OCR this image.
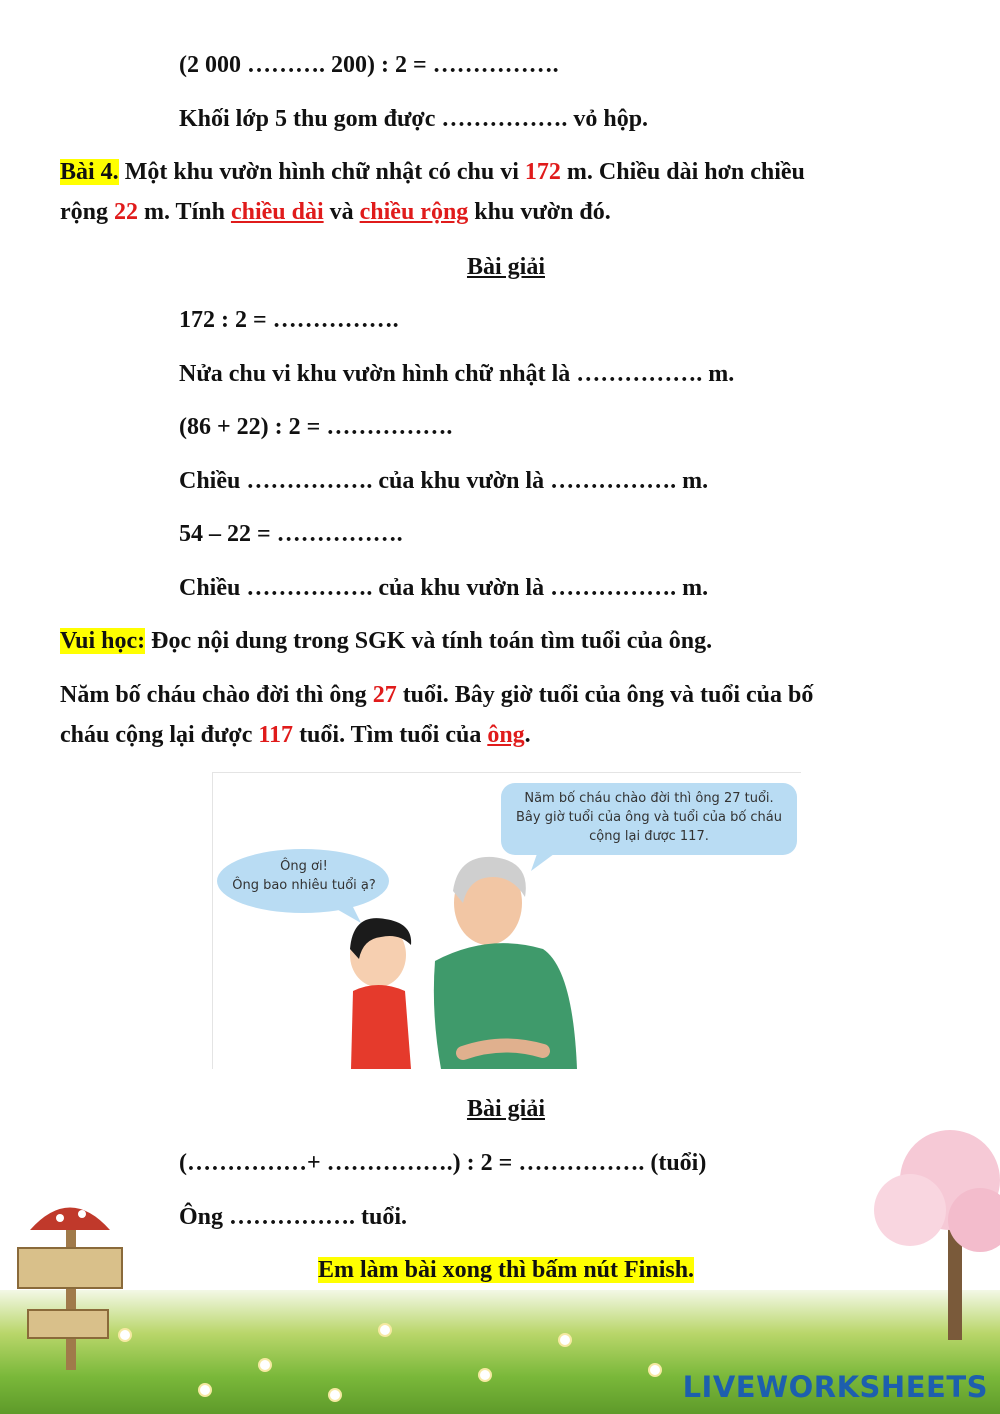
(2 000 ………. 200) : 2 = …………….
Khối lớp 5 thu gom được ……………. vỏ hộp.
Bài 4. Một khu vườn hình chữ nhật có chu vi 172 m. Chiều dài hơn chiều
rộng 22 m. Tính chiều dài và chiều rộng khu vườn đó.
Bài giải
172 : 2 = …………….
Nửa chu vi khu vườn hình chữ nhật là ……………. m.
(86 + 22) : 2 = …………….
Chiều ……………. của khu vườn là ……………. m.
54 – 22 = …………….
Chiều ……………. của khu vườn là ……………. m.
Vui học: Đọc nội dung trong SGK và tính toán tìm tuổi của ông.
Năm bố cháu chào đời thì ông 27 tuổi. Bây giờ tuổi của ông và tuổi của bố
cháu cộng lại được 117 tuổi. Tìm tuổi của ông.
Năm bố cháu chào đời thì ông 27 tuổi.
Bây giờ tuổi của ông và tuổi của bố cháu
cộng lại được 117.
Ông ơi!
Ông bao nhiêu tuổi ạ?
Bài giải
(……………+ …………….) : 2 = ……………. (tuổi)
Ông ……………. tuổi.
Em làm bài xong thì bấm nút Finish.
LIVEWORKSHEETS
